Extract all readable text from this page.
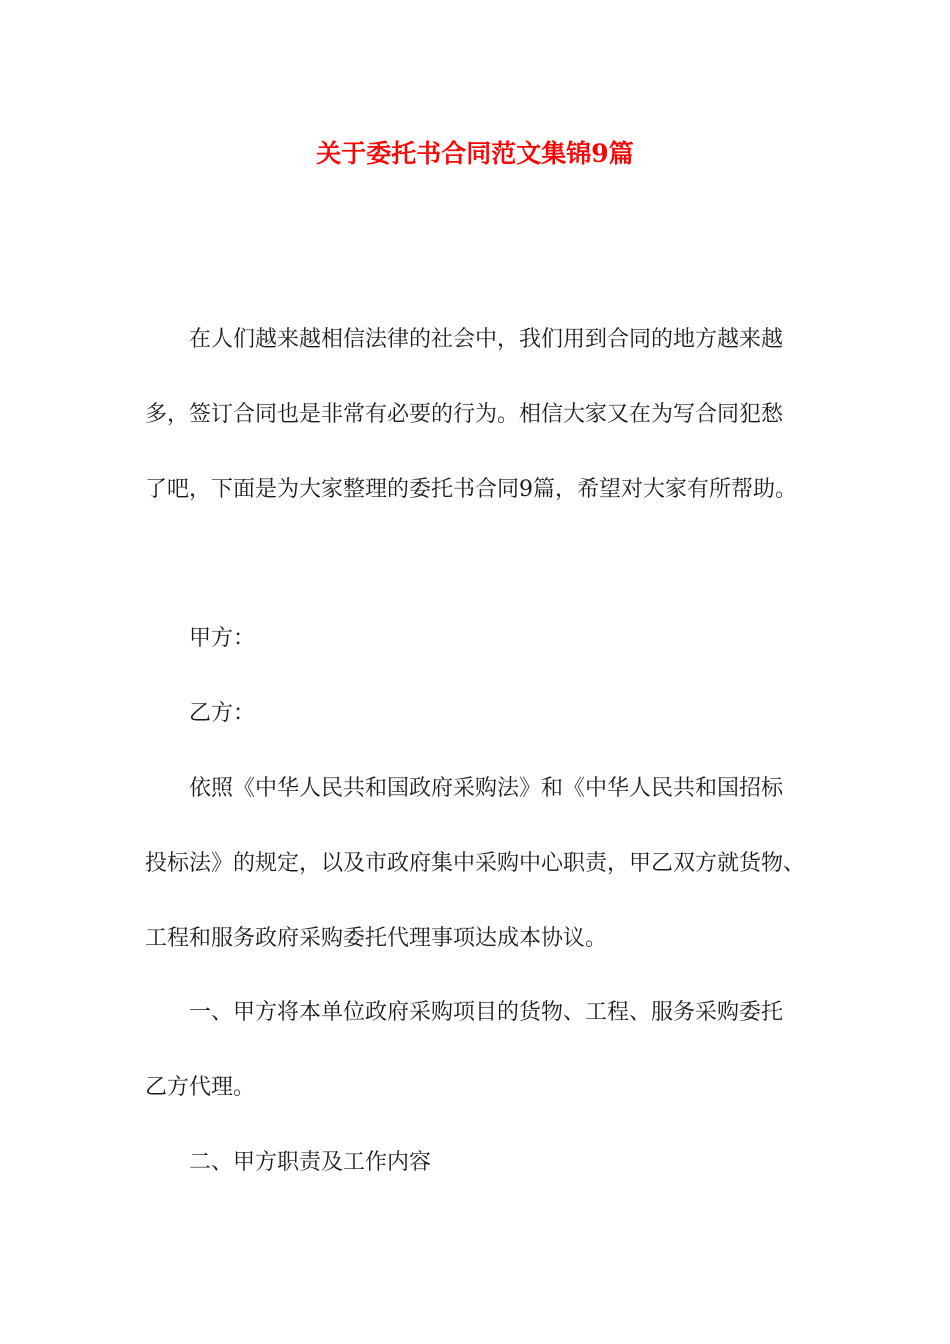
关于委托书合同范文集锦9篇

在人们越来越相信法律的社会中，我们用到合同的地方越来越

多，签订合同也是非常有必要的行为。相信大家又在为写合同犯愁

了吧，下面是为大家整理的委托书合同9篇，希望对大家有所帮助。

甲方：

乙方：

依照《中华人民共和国政府采购法》和《中华人民共和国招标

投标法》的规定，以及市政府集中采购中心职责，甲乙双方就货物、

工程和服务政府采购委托代理事项达成本协议。

一、甲方将本单位政府采购项目的货物、工程、服务采购委托

乙方代理。

二、甲方职责及工作内容
